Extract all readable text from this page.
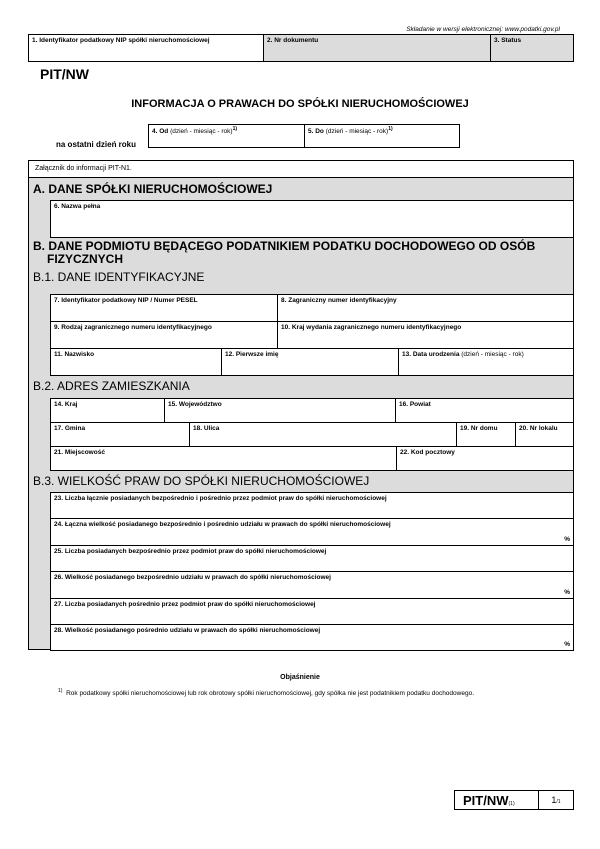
Składanie w wersji elektronicznej: www.podatki.gov.pl
1. Identyfikator podatkowy NIP spółki nieruchomościowej	2. Nr dokumentu	3. Status
PIT/NW
INFORMACJA O PRAWACH DO SPÓŁKI NIERUCHOMOŚCIOWEJ
na ostatni dzień roku
4. Od (dzień - miesiąc - rok)$^{1)}$	5. Do (dzień - miesiąc - rok)$^{1)}$
Załącznik do informacji PIT-N1.
A. DANE SPÓŁKI NIERUCHOMOŚCIOWEJ
6. Nazwa pełna
B. DANE PODMIOTU BĘDĄCEGO PODATNIKIEM PODATKU DOCHODOWEGO OD OSÓB
FIZYCZNYCH
B.1. DANE IDENTYFIKACYJNE
7. Identyfikator podatkowy NIP / Numer PESEL	8. Zagraniczny numer identyfikacyjny
9. Rodzaj zagranicznego numeru identyfikacyjnego	10. Kraj wydania zagranicznego numeru identyfikacyjnego
11. Nazwisko	12. Pierwsze imię	13. Data urodzenia (dzień - miesiąc - rok)
B.2. ADRES ZAMIESZKANIA
14. Kraj	15. Województwo	16. Powiat
17. Gmina	18. Ulica	19. Nr domu	20. Nr lokalu
21. Miejscowość	22. Kod pocztowy
B.3. WIELKOŚĆ PRAW DO SPÓŁKI NIERUCHOMOŚCIOWEJ
23. Liczba łącznie posiadanych bezpośrednio i pośrednio przez podmiot praw do spółki nieruchomościowej
24. Łączna wielkość posiadanego bezpośrednio i pośrednio udziału w prawach do spółki nieruchomościowej
%
25. Liczba posiadanych bezpośrednio przez podmiot praw do spółki nieruchomościowej
26. Wielkość posiadanego bezpośrednio udziału w prawach do spółki nieruchomościowej
%
27. Liczba posiadanych pośrednio przez podmiot praw do spółki nieruchomościowej
28. Wielkość posiadanego pośrednio udziału w prawach do spółki nieruchomościowej
%
Objaśnienie
$^{1)}$ Rok podatkowy spółki nieruchomościowej lub rok obrotowy spółki nieruchomościowej, gdy spółka nie jest podatnikiem podatku dochodowego.
PIT/NW(1)	1/1
